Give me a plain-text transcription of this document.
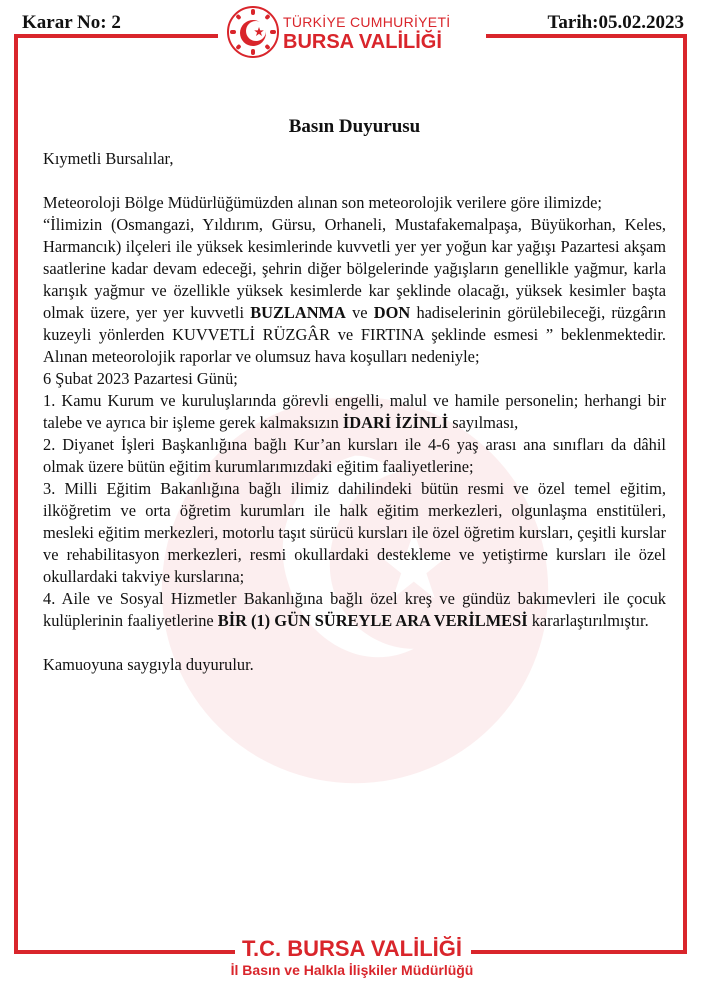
Karar No: 2	Tarih:05.02.2023
TÜRKİYE CUMHURİYETİ
BURSA VALİLİĞİ
Basın Duyurusu

Kıymetli Bursalılar,

Meteoroloji Bölge Müdürlüğümüzden alınan son meteorolojik verilere göre ilimizde;

“İlimizin (Osmangazi, Yıldırım, Gürsu, Orhaneli, Mustafakemalpaşa, Büyükorhan, Keles, Harmancık) ilçeleri ile yüksek kesimlerinde kuvvetli yer yer yoğun kar yağışı Pazartesi akşam saatlerine kadar devam edeceği, şehrin diğer bölgelerinde yağışların genellikle yağmur, karla karışık yağmur ve özellikle yüksek kesimlerde kar şeklinde olacağı, yüksek kesimler başta olmak üzere, yer yer kuvvetli BUZLANMA ve DON hadiselerinin görülebileceği, rüzgârın kuzeyli yönlerden KUVVETLİ RÜZGÂR ve FIRTINA şeklinde esmesi ” beklenmektedir. Alınan meteorolojik raporlar ve olumsuz hava koşulları nedeniyle;

6 Şubat 2023 Pazartesi Günü;

1. Kamu Kurum ve kuruluşlarında görevli engelli, malul ve hamile personelin; herhangi bir talebe ve ayrıca bir işleme gerek kalmaksızın İDARİ İZİNLİ sayılması,

2. Diyanet İşleri Başkanlığına bağlı Kur’an kursları ile 4-6 yaş arası ana sınıfları da dâhil olmak üzere bütün eğitim kurumlarımızdaki eğitim faaliyetlerine;

3. Milli Eğitim Bakanlığına bağlı ilimiz dahilindeki bütün resmi ve özel temel eğitim, ilköğretim ve orta öğretim kurumları ile halk eğitim merkezleri, olgunlaşma enstitüleri, mesleki eğitim merkezleri, motorlu taşıt sürücü kursları ile özel öğretim kursları, çeşitli kurslar ve rehabilitasyon merkezleri, resmi okullardaki destekleme ve yetiştirme kursları ile özel okullardaki takviye kurslarına;

4. Aile ve Sosyal Hizmetler Bakanlığına bağlı özel kreş ve gündüz bakımevleri ile çocuk kulüplerinin faaliyetlerine BİR (1) GÜN SÜREYLE ARA VERİLMESİ kararlaştırılmıştır.

Kamuoyuna saygıyla duyurulur.

T.C. BURSA VALİLİĞİ
İl Basın ve Halkla İlişkiler Müdürlüğü
